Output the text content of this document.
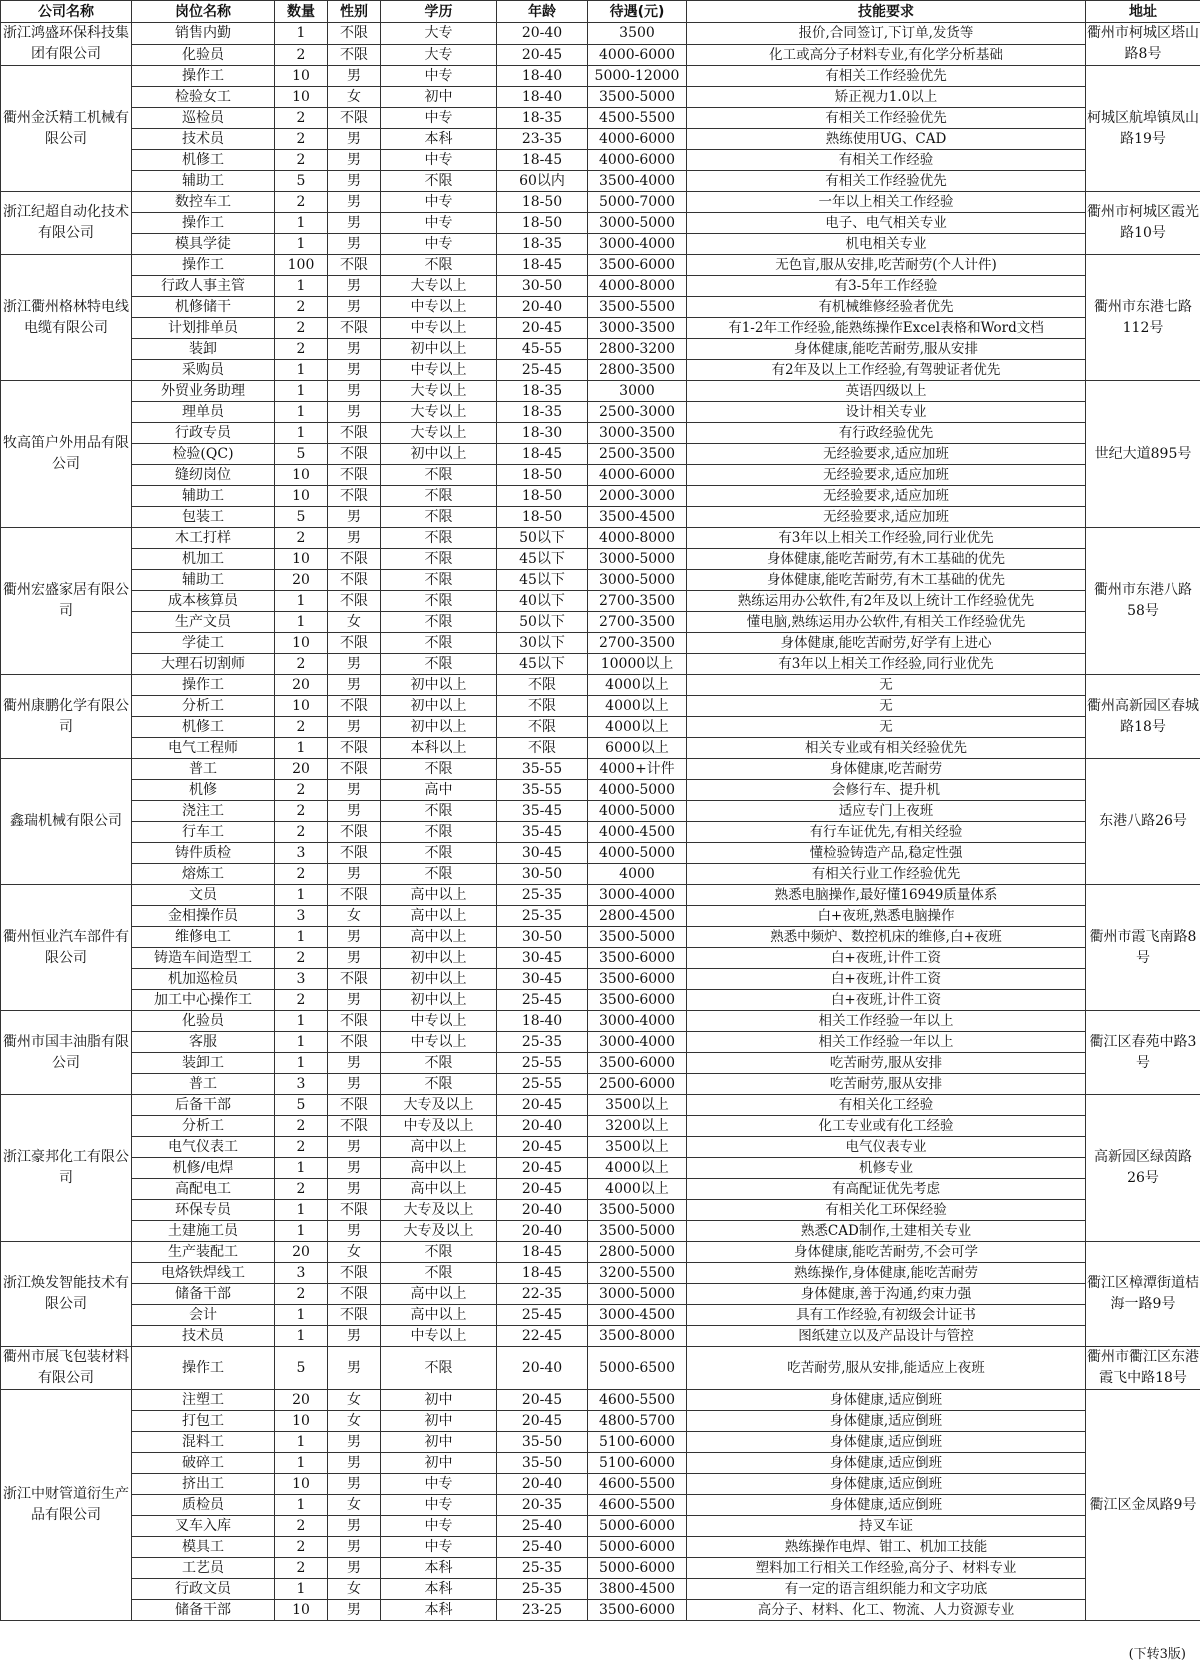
公司名称	岗位名称	数量	性别	学历	年龄	待遇(元)	技能要求	地址
浙江鸿盛环保科技集团有限公司	销售内勤	1	不限	大专	20-40	3500	报价,合同签订,下订单,发货等	衢州市柯城区塔山路8号
	化验员	2	不限	大专	20-45	4000-6000	化工或高分子材料专业,有化学分析基础	
衢州金沃精工机械有限公司	操作工	10	男	中专	18-40	5000-12000	有相关工作经验优先	柯城区航埠镇凤山路19号
	检验女工	10	女	初中	18-40	3500-5000	矫正视力1.0以上	
	巡检员	2	不限	中专	18-35	4500-5500	有相关工作经验优先	
	技术员	2	男	本科	23-35	4000-6000	熟练使用UG、CAD	
	机修工	2	男	中专	18-45	4000-6000	有相关工作经验	
	辅助工	5	男	不限	60以内	3500-4000	有相关工作经验优先	
浙江纪超自动化技术有限公司	数控车工	2	男	中专	18-50	5000-7000	一年以上相关工作经验	衢州市柯城区霞光路10号
	操作工	1	男	中专	18-50	3000-5000	电子、电气相关专业	
	模具学徒	1	男	中专	18-35	3000-4000	机电相关专业	
浙江衢州格林特电线电缆有限公司	操作工	100	不限	不限	18-45	3500-6000	无色盲,服从安排,吃苦耐劳(个人计件)	衢州市东港七路112号
	行政人事主管	1	男	大专以上	30-50	4000-8000	有3-5年工作经验	
	机修储干	2	男	中专以上	20-40	3500-5500	有机械维修经验者优先	
	计划排单员	2	不限	中专以上	20-45	3000-3500	有1-2年工作经验,能熟练操作Excel表格和Word文档	
	装卸	2	男	初中以上	45-55	2800-3200	身体健康,能吃苦耐劳,服从安排	
	采购员	1	男	中专以上	25-45	2800-3500	有2年及以上工作经验,有驾驶证者优先	
牧高笛户外用品有限公司	外贸业务助理	1	男	大专以上	18-35	3000	英语四级以上	世纪大道895号
	理单员	1	男	大专以上	18-35	2500-3000	设计相关专业	
	行政专员	1	不限	大专以上	18-30	3000-3500	有行政经验优先	
	检验(QC)	5	不限	初中以上	18-45	2500-3500	无经验要求,适应加班	
	缝纫岗位	10	不限	不限	18-50	4000-6000	无经验要求,适应加班	
	辅助工	10	不限	不限	18-50	2000-3000	无经验要求,适应加班	
	包装工	5	男	不限	18-50	3500-4500	无经验要求,适应加班	
衢州宏盛家居有限公司	木工打样	2	男	不限	50以下	4000-8000	有3年以上相关工作经验,同行业优先	衢州市东港八路58号
	机加工	10	不限	不限	45以下	3000-5000	身体健康,能吃苦耐劳,有木工基础的优先	
	辅助工	20	不限	不限	45以下	3000-5000	身体健康,能吃苦耐劳,有木工基础的优先	
	成本核算员	1	不限	不限	40以下	2700-3500	熟练运用办公软件,有2年及以上统计工作经验优先	
	生产文员	1	女	不限	50以下	2700-3500	懂电脑,熟练运用办公软件,有相关工作经验优先	
	学徒工	10	不限	不限	30以下	2700-3500	身体健康,能吃苦耐劳,好学有上进心	
	大理石切割师	2	男	不限	45以下	10000以上	有3年以上相关工作经验,同行业优先	
衢州康鹏化学有限公司	操作工	20	男	初中以上	不限	4000以上	无	衢州高新园区春城路18号
	分析工	10	不限	初中以上	不限	4000以上	无	
	机修工	2	男	初中以上	不限	4000以上	无	
	电气工程师	1	不限	本科以上	不限	6000以上	相关专业或有相关经验优先	
鑫瑞机械有限公司	普工	20	不限	不限	35-55	4000+计件	身体健康,吃苦耐劳	东港八路26号
	机修	2	男	高中	35-55	4000-5000	会修行车、提升机	
	浇注工	2	男	不限	35-45	4000-5000	适应专门上夜班	
	行车工	2	不限	不限	35-45	4000-4500	有行车证优先,有相关经验	
	铸件质检	3	不限	不限	30-45	4000-5000	懂检验铸造产品,稳定性强	
	熔炼工	2	男	不限	30-50	4000	有相关行业工作经验优先	
衢州恒业汽车部件有限公司	文员	1	不限	高中以上	25-35	3000-4000	熟悉电脑操作,最好懂16949质量体系	衢州市霞飞南路8号
	金相操作员	3	女	高中以上	25-35	2800-4500	白+夜班,熟悉电脑操作	
	维修电工	1	男	高中以上	30-50	3500-5000	熟悉中频炉、数控机床的维修,白+夜班	
	铸造车间造型工	2	男	初中以上	30-45	3500-6000	白+夜班,计件工资	
	机加巡检员	3	不限	初中以上	30-45	3500-6000	白+夜班,计件工资	
	加工中心操作工	2	男	初中以上	25-45	3500-6000	白+夜班,计件工资	
衢州市国丰油脂有限公司	化验员	1	不限	中专以上	18-40	3000-4000	相关工作经验一年以上	衢江区春苑中路3号
	客服	1	不限	中专以上	25-35	3000-4000	相关工作经验一年以上	
	装卸工	1	男	不限	25-55	3500-6000	吃苦耐劳,服从安排	
	普工	3	男	不限	25-55	2500-6000	吃苦耐劳,服从安排	
浙江豪邦化工有限公司	后备干部	5	不限	大专及以上	20-45	3500以上	有相关化工经验	高新园区绿茵路26号
	分析工	2	不限	中专及以上	20-40	3200以上	化工专业或有化工经验	
	电气仪表工	2	男	高中以上	20-45	3500以上	电气仪表专业	
	机修/电焊	1	男	高中以上	20-45	4000以上	机修专业	
	高配电工	2	男	高中以上	20-45	4000以上	有高配证优先考虑	
	环保专员	1	不限	大专及以上	20-40	3500-5000	有相关化工环保经验	
	土建施工员	1	男	大专及以上	20-40	3500-5000	熟悉CAD制作,土建相关专业	
浙江焕发智能技术有限公司	生产装配工	20	女	不限	18-45	2800-5000	身体健康,能吃苦耐劳,不会可学	衢江区樟潭街道桔海一路9号
	电烙铁焊线工	3	不限	不限	18-45	3200-5500	熟练操作,身体健康,能吃苦耐劳	
	储备干部	2	不限	高中以上	22-35	3000-5000	身体健康,善于沟通,约束力强	
	会计	1	不限	高中以上	25-45	3000-4500	具有工作经验,有初级会计证书	
	技术员	1	男	中专以上	22-45	3500-8000	图纸建立以及产品设计与管控	
衢州市展飞包装材料有限公司	操作工	5	男	不限	20-40	5000-6500	吃苦耐劳,服从安排,能适应上夜班	衢州市衢江区东港霞飞中路18号
浙江中财管道衍生产品有限公司	注塑工	20	女	初中	20-45	4600-5500	身体健康,适应倒班	衢江区金凤路9号
	打包工	10	女	初中	20-45	4800-5700	身体健康,适应倒班	
	混料工	1	男	初中	35-50	5100-6000	身体健康,适应倒班	
	破碎工	1	男	初中	35-50	5100-6000	身体健康,适应倒班	
	挤出工	10	男	中专	20-40	4600-5500	身体健康,适应倒班	
	质检员	1	女	中专	20-35	4600-5500	身体健康,适应倒班	
	叉车入库	2	男	中专	25-40	5000-6000	持叉车证	
	模具工	2	男	中专	25-40	5000-6000	熟练操作电焊、钳工、机加工技能	
	工艺员	2	男	本科	25-35	5000-6000	塑料加工行相关工作经验,高分子、材料专业	
	行政文员	1	女	本科	25-35	3800-4500	有一定的语言组织能力和文字功底	
	储备干部	10	男	本科	23-25	3500-6000	高分子、材料、化工、物流、人力资源专业	
(下转3版)
